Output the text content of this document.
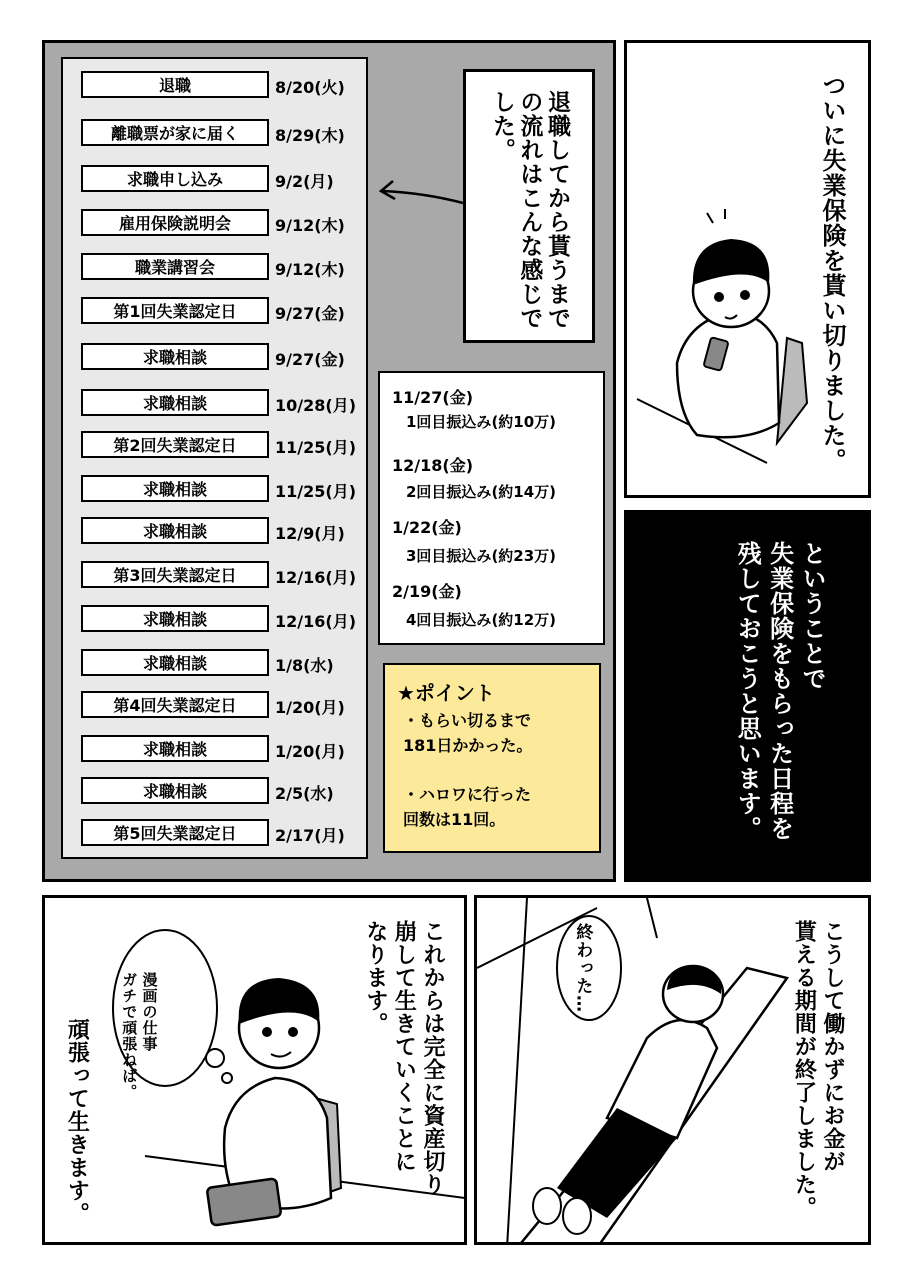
退職	8/20(火)
離職票が家に届く	8/29(木)
求職申し込み	9/2(月)
雇用保険説明会	9/12(木)
職業講習会	9/12(木)
第1回失業認定日	9/27(金)
求職相談	9/27(金)
求職相談	10/28(月)
第2回失業認定日	11/25(月)
求職相談	11/25(月)
求職相談	12/9(月)
第3回失業認定日	12/16(月)
求職相談	12/16(月)
求職相談	1/8(水)
第4回失業認定日	1/20(月)
求職相談	1/20(月)
求職相談	2/5(水)
第5回失業認定日	2/17(月)
退職してから貰うまでの流れはこんな感じでした。
11/27(金)
1回目振込み(約10万)
12/18(金)
2回目振込み(約14万)
1/22(金)
3回目振込み(約23万)
2/19(金)
4回目振込み(約12万)
★ポイント
・もらい切るまで
181日かかった。
・ハロワに行った
回数は11回。
ついに失業保険を貰い切りました。
ということで
失業保険をもらった日程を
残しておこうと思います。
漫画の仕事
ガチで頑張ねば。	これからは完全に資産切り
崩して生きていくことに
なります。
頑張って生きます。
終わった…	こうして働かずにお金が
貰える期間が終了しました。
